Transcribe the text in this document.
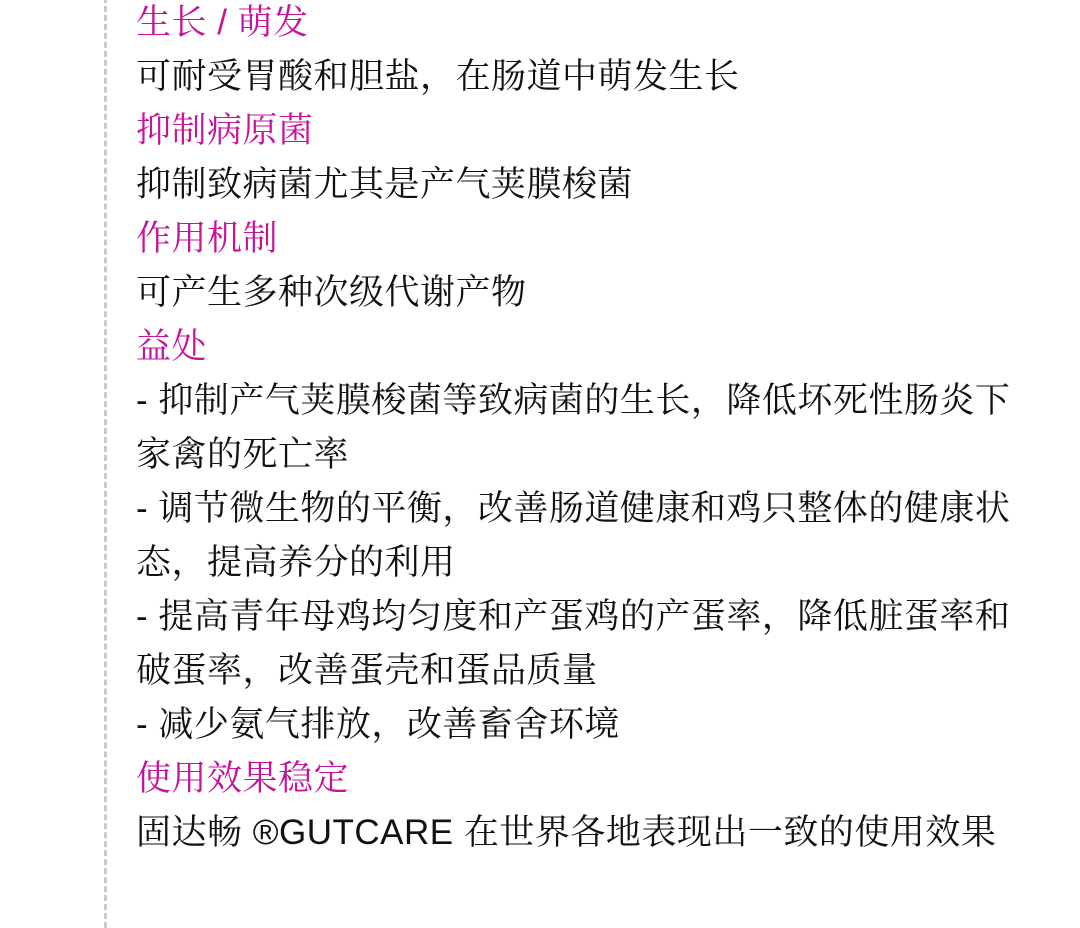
生长 / 萌发
可耐受胃酸和胆盐，在肠道中萌发生长
抑制病原菌
抑制致病菌尤其是产气荚膜梭菌
作用机制
可产生多种次级代谢产物
益处
- 抑制产气荚膜梭菌等致病菌的生长，降低坏死性肠炎下家禽的死亡率
- 调节微生物的平衡，改善肠道健康和鸡只整体的健康状态，提高养分的利用
- 提高青年母鸡均匀度和产蛋鸡的产蛋率，降低脏蛋率和破蛋率，改善蛋壳和蛋品质量
- 减少氨气排放，改善畜舍环境
使用效果稳定
固达畅 ®GUTCARE 在世界各地表现出一致的使用效果
